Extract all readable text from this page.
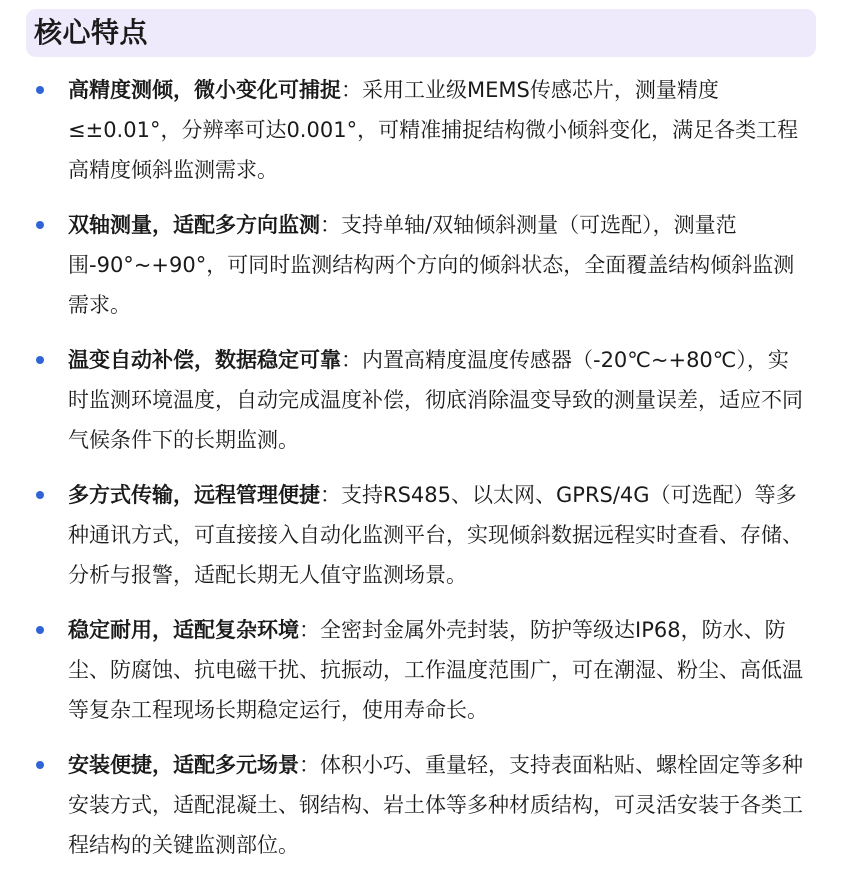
核心特点
高精度测倾，微小变化可捕捉：采用工业级MEMS传感芯片，测量精度≤±0.01°，分辨率可达0.001°，可精准捕捉结构微小倾斜变化，满足各类工程高精度倾斜监测需求。
双轴测量，适配多方向监测：支持单轴/双轴倾斜测量（可选配），测量范围-90°~+90°，可同时监测结构两个方向的倾斜状态，全面覆盖结构倾斜监测需求。
温变自动补偿，数据稳定可靠：内置高精度温度传感器（-20℃~+80℃），实时监测环境温度，自动完成温度补偿，彻底消除温变导致的测量误差，适应不同气候条件下的长期监测。
多方式传输，远程管理便捷：支持RS485、以太网、GPRS/4G（可选配）等多种通讯方式，可直接接入自动化监测平台，实现倾斜数据远程实时查看、存储、分析与报警，适配长期无人值守监测场景。
稳定耐用，适配复杂环境：全密封金属外壳封装，防护等级达IP68，防水、防尘、防腐蚀、抗电磁干扰、抗振动，工作温度范围广，可在潮湿、粉尘、高低温等复杂工程现场长期稳定运行，使用寿命长。
安装便捷，适配多元场景：体积小巧、重量轻，支持表面粘贴、螺栓固定等多种安装方式，适配混凝土、钢结构、岩土体等多种材质结构，可灵活安装于各类工程结构的关键监测部位。
